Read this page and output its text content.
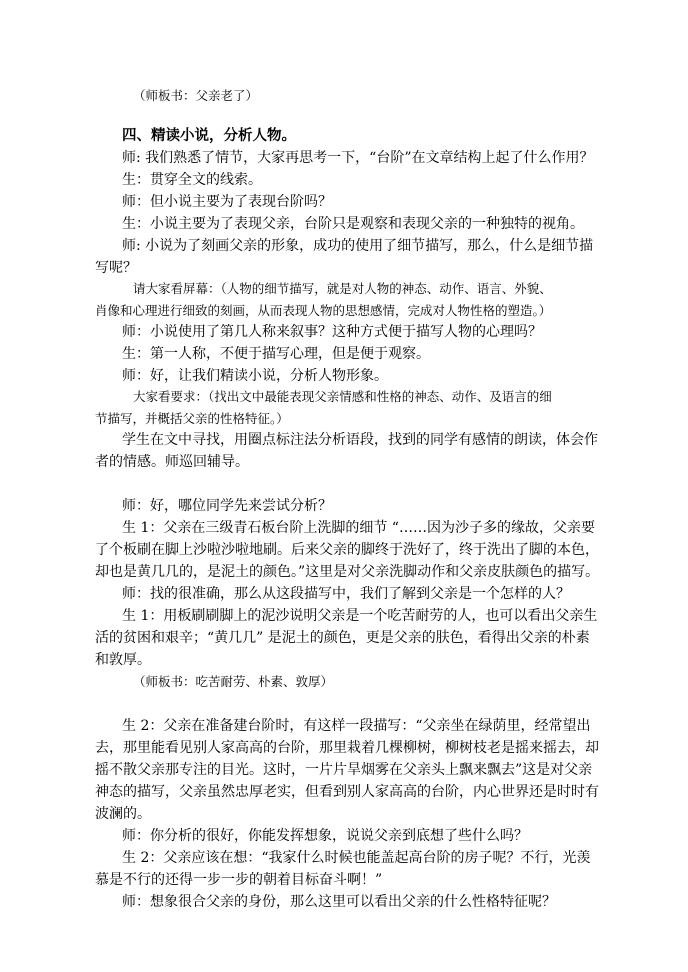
（师板书：父亲老了）
四、精读小说，分析人物。
师: 我们熟悉了情节，大家再思考一下，“台阶”在文章结构上起了什么作用？
生：贯穿全文的线索。
师：但小说主要为了表现台阶吗？
生：小说主要为了表现父亲，台阶只是观察和表现父亲的一种独特的视角。
师: 小说为了刻画父亲的形象，成功的使用了细节描写，那么，什么是细节描
写呢？
请大家看屏幕：（人物的细节描写，就是对人物的神态、动作、语言、外貌、
肖像和心理进行细致的刻画，从而表现人物的思想感情，完成对人物性格的塑造。）
师：小说使用了第几人称来叙事？这种方式便于描写人物的心理吗？
生：第一人称，不便于描写心理，但是便于观察。
师：好，让我们精读小说，分析人物形象。
大家看要求：（找出文中最能表现父亲情感和性格的神态、动作、及语言的细
节描写，并概括父亲的性格特征。）
学生在文中寻找，用圈点标注法分析语段，找到的同学有感情的朗读，体会作
者的情感。师巡回辅导。
师：好，哪位同学先来尝试分析？
生 1：父亲在三级青石板台阶上洗脚的细节 “……因为沙子多的缘故，父亲要
了个板刷在脚上沙啦沙啦地刷。后来父亲的脚终于洗好了，终于洗出了脚的本色，
却也是黄几几的，是泥土的颜色。”这里是对父亲洗脚动作和父亲皮肤颜色的描写。
师：找的很准确，那么从这段描写中，我们了解到父亲是一个怎样的人？
生 1：用板刷刷脚上的泥沙说明父亲是一个吃苦耐劳的人，也可以看出父亲生
活的贫困和艰辛；“黄几几” 是泥土的颜色，更是父亲的肤色，看得出父亲的朴素
和敦厚。
（师板书：吃苦耐劳、朴素、敦厚）
生 2：父亲在准备建台阶时，有这样一段描写：“父亲坐在绿荫里，经常望出
去，那里能看见别人家高高的台阶，那里栽着几棵柳树，柳树枝老是摇来摇去，却
摇不散父亲那专注的目光。这时，一片片旱烟雾在父亲头上飘来飘去”这是对父亲
神态的描写，父亲虽然忠厚老实，但看到别人家高高的台阶，内心世界还是时时有
波澜的。
师：你分析的很好，你能发挥想象，说说父亲到底想了些什么吗？
生 2：父亲应该在想：“我家什么时候也能盖起高台阶的房子呢？不行，光羡
慕是不行的还得一步一步的朝着目标奋斗啊！”
师：想象很合父亲的身份，那么这里可以看出父亲的什么性格特征呢？
